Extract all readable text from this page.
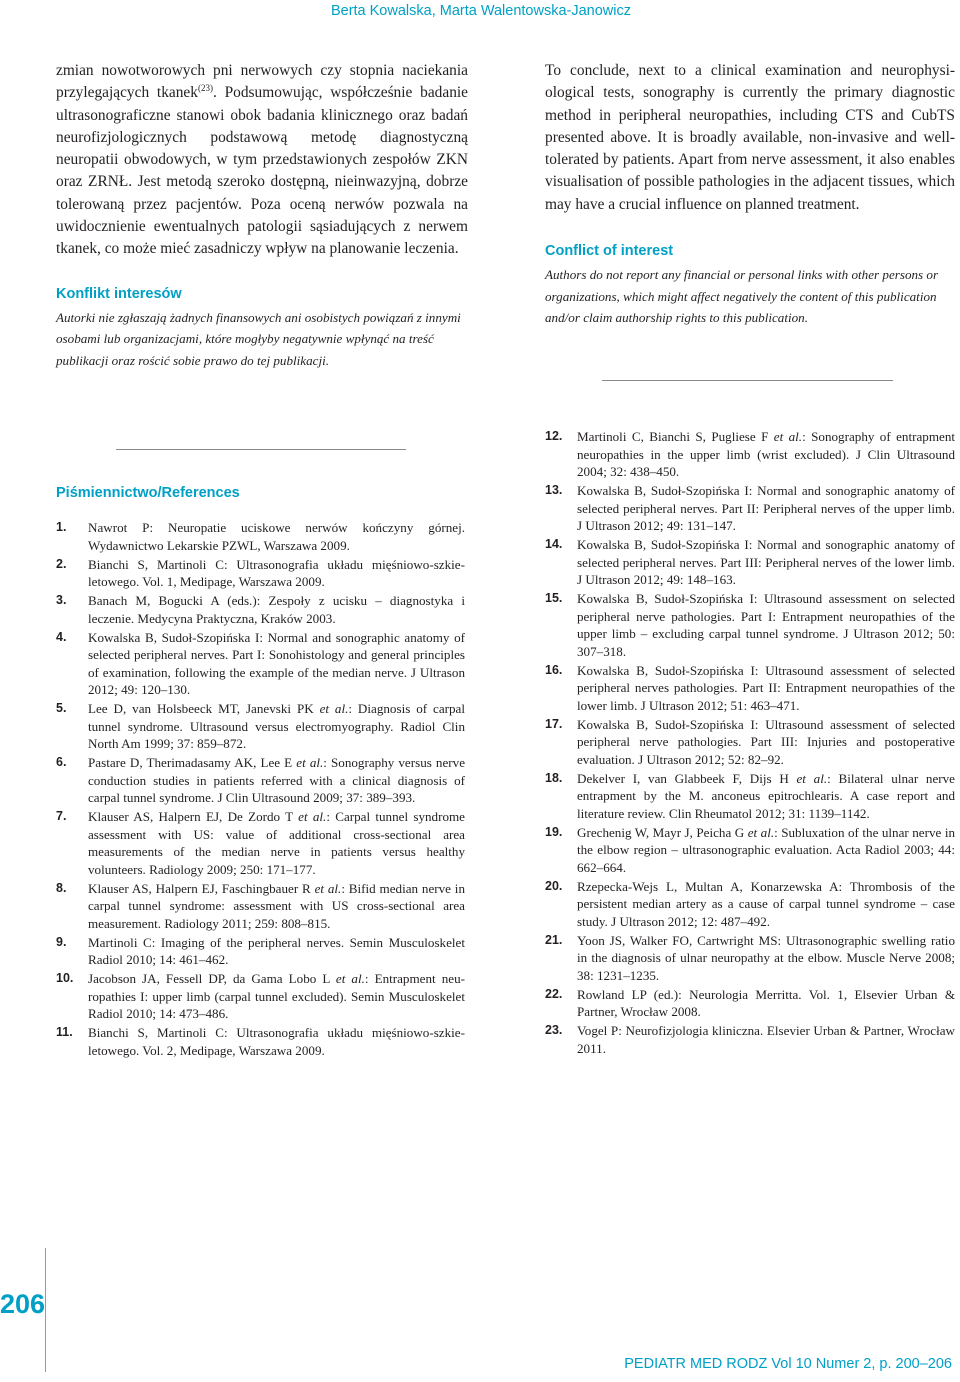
Berta Kowalska, Marta Walentowska-Janowicz

zmian nowotworowych pni nerwowych czy stopnia naciekania przylegających tkanek$^{(23)}$. Podsumowując, współcześnie badanie ultrasonograficzne stanowi obok badania klinicznego oraz badań neurofizjologicznych podstawową metodę diagnostyczną neuropatii obwodowych, w tym przedstawionych zespołów ZKN oraz ZRNŁ. Jest metodą szeroko dostępną, nieinwazyjną, dobrze tolerowaną przez pacjentów. Poza oceną nerwów pozwala na uwidocznienie ewentualnych patologii sąsiadujących z nerwem tkanek, co może mieć zasadniczy wpływ na planowanie leczenia.

Konflikt interesów

Autorki nie zgłaszają żadnych finansowych ani osobistych powiązań z innymi osobami lub organizacjami, które mogłyby negatywnie wpłynąć na treść publikacji oraz rościć sobie prawo do tej publikacji.

Piśmiennictwo/References
1. Nawrot P: Neuropatie uciskowe nerwów kończyny górnej. Wydawnictwo Lekarskie PZWL, Warszawa 2009.
2. Bianchi S, Martinoli C: Ultrasonografia układu mięśniowo-szkieletowego. Vol. 1, Medipage, Warszawa 2009.
3. Banach M, Bogucki A (eds.): Zespoły z ucisku – diagnostyka i leczenie. Medycyna Praktyczna, Kraków 2003.
4. Kowalska B, Sudoł-Szopińska I: Normal and sonographic anatomy of selected peripheral nerves. Part I: Sonohistology and general principles of examination, following the example of the median nerve. J Ultrason 2012; 49: 120–130.
5. Lee D, van Holsbeeck MT, Janevski PK et al.: Diagnosis of carpal tunnel syndrome. Ultrasound versus electromyography. Radiol Clin North Am 1999; 37: 859–872.
6. Pastare D, Therimadasamy AK, Lee E et al.: Sonography versus nerve conduction studies in patients referred with a clinical diagnosis of carpal tunnel syndrome. J Clin Ultrasound 2009; 37: 389–393.
7. Klauser AS, Halpern EJ, De Zordo T et al.: Carpal tunnel syndrome assessment with US: value of additional cross-sectional area measurements of the median nerve in patients versus healthy volunteers. Radiology 2009; 250: 171–177.
8. Klauser AS, Halpern EJ, Faschingbauer R et al.: Bifid median nerve in carpal tunnel syndrome: assessment with US cross-sectional area measurement. Radiology 2011; 259: 808–815.
9. Martinoli C: Imaging of the peripheral nerves. Semin Musculoskelet Radiol 2010; 14: 461–462.
10. Jacobson JA, Fessell DP, da Gama Lobo L et al.: Entrapment neuropathies I: upper limb (carpal tunnel excluded). Semin Musculoskelet Radiol 2010; 14: 473–486.
11. Bianchi S, Martinoli C: Ultrasonografia układu mięśniowo-szkieletowego. Vol. 2, Medipage, Warszawa 2009.

To conclude, next to a clinical examination and neurophysiological tests, sonography is currently the primary diagnostic method in peripheral neuropathies, including CTS and CubTS presented above. It is broadly available, non-invasive and well-tolerated by patients. Apart from nerve assessment, it also enables visualisation of possible pathologies in the adjacent tissues, which may have a crucial influence on planned treatment.

Conflict of interest

Authors do not report any financial or personal links with other persons or organizations, which might affect negatively the content of this publication and/or claim authorship rights to this publication.

12. Martinoli C, Bianchi S, Pugliese F et al.: Sonography of entrapment neuropathies in the upper limb (wrist excluded). J Clin Ultrasound 2004; 32: 438–450.
13. Kowalska B, Sudoł-Szopińska I: Normal and sonographic anatomy of selected peripheral nerves. Part II: Peripheral nerves of the upper limb. J Ultrason 2012; 49: 131–147.
14. Kowalska B, Sudoł-Szopińska I: Normal and sonographic anatomy of selected peripheral nerves. Part III: Peripheral nerves of the lower limb. J Ultrason 2012; 49: 148–163.
15. Kowalska B, Sudoł-Szopińska I: Ultrasound assessment on selected peripheral nerve pathologies. Part I: Entrapment neuropathies of the upper limb – excluding carpal tunnel syndrome. J Ultrason 2012; 50: 307–318.
16. Kowalska B, Sudoł-Szopińska I: Ultrasound assessment of selected peripheral nerves pathologies. Part II: Entrapment neuropathies of the lower limb. J Ultrason 2012; 51: 463–471.
17. Kowalska B, Sudoł-Szopińska I: Ultrasound assessment of selected peripheral nerve pathologies. Part III: Injuries and postoperative evaluation. J Ultrason 2012; 52: 82–92.
18. Dekelver I, van Glabbeek F, Dijs H et al.: Bilateral ulnar nerve entrapment by the M. anconeus epitrochlearis. A case report and literature review. Clin Rheumatol 2012; 31: 1139–1142.
19. Grechenig W, Mayr J, Peicha G et al.: Subluxation of the ulnar nerve in the elbow region – ultrasonographic evaluation. Acta Radiol 2003; 44: 662–664.
20. Rzepecka-Wejs L, Multan A, Konarzewska A: Thrombosis of the persistent median artery as a cause of carpal tunnel syndrome – case study. J Ultrason 2012; 12: 487–492.
21. Yoon JS, Walker FO, Cartwright MS: Ultrasonographic swelling ratio in the diagnosis of ulnar neuropathy at the elbow. Muscle Nerve 2008; 38: 1231–1235.
22. Rowland LP (ed.): Neurologia Merritta. Vol. 1, Elsevier Urban & Partner, Wrocław 2008.
23. Vogel P: Neurofizjologia kliniczna. Elsevier Urban & Partner, Wrocław 2011.
206
PEDIATR MED RODZ Vol 10 Numer 2, p. 200–206
